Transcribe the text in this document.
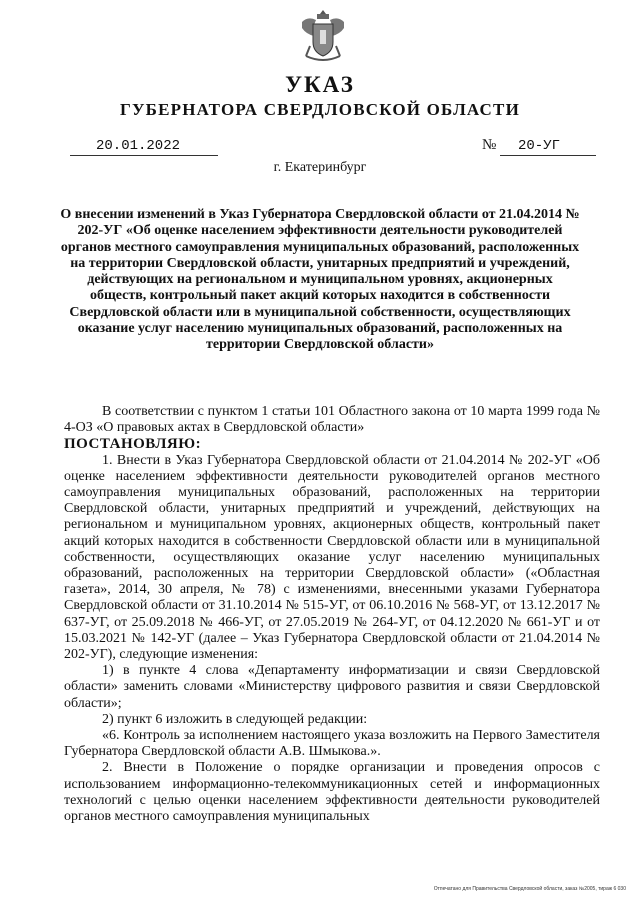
УКАЗ
ГУБЕРНАТОРА СВЕРДЛОВСКОЙ ОБЛАСТИ
20.01.2022	№ 20-УГ
г. Екатеринбург
О внесении изменений в Указ Губернатора Свердловской области от 21.04.2014 № 202-УГ «Об оценке населением эффективности деятельности руководителей органов местного самоуправления муниципальных образований, расположенных на территории Свердловской области, унитарных предприятий и учреждений, действующих на региональном и муниципальном уровнях, акционерных обществ, контрольный пакет акций которых находится в собственности Свердловской области или в муниципальной собственности, осуществляющих оказание услуг населению муниципальных образований, расположенных на территории Свердловской области»

В соответствии с пунктом 1 статьи 101 Областного закона от 10 марта 1999 года № 4-ОЗ «О правовых актах в Свердловской области»

ПОСТАНОВЛЯЮ:

1. Внести в Указ Губернатора Свердловской области от 21.04.2014 № 202-УГ «Об оценке населением эффективности деятельности руководителей органов местного самоуправления муниципальных образований, расположенных на территории Свердловской области, унитарных предприятий и учреждений, действующих на региональном и муниципальном уровнях, акционерных обществ, контрольный пакет акций которых находится в собственности Свердловской области или в муниципальной собственности, осуществляющих оказание услуг населению муниципальных образований, расположенных на территории Свердловской области» («Областная газета», 2014, 30 апреля, № 78) с изменениями, внесенными указами Губернатора Свердловской области от 31.10.2014 № 515-УГ, от 06.10.2016 № 568-УГ, от 13.12.2017 № 637-УГ, от 25.09.2018 № 466-УГ, от 27.05.2019 № 264-УГ, от 04.12.2020 № 661-УГ и от 15.03.2021 № 142-УГ (далее – Указ Губернатора Свердловской области от 21.04.2014 № 202-УГ), следующие изменения:

1) в пункте 4 слова «Департаменту информатизации и связи Свердловской области» заменить словами «Министерству цифрового развития и связи Свердловской области»;

2) пункт 6 изложить в следующей редакции:

«6. Контроль за исполнением настоящего указа возложить на Первого Заместителя Губернатора Свердловской области А.В. Шмыкова.».

2. Внести в Положение о порядке организации и проведения опросов с использованием информационно-телекоммуникационных сетей и информационных технологий с целью оценки населением эффективности деятельности руководителей органов местного самоуправления муниципальных

Отпечатано для Правительства Свердловской области, заказ №2005, тираж 6 030
